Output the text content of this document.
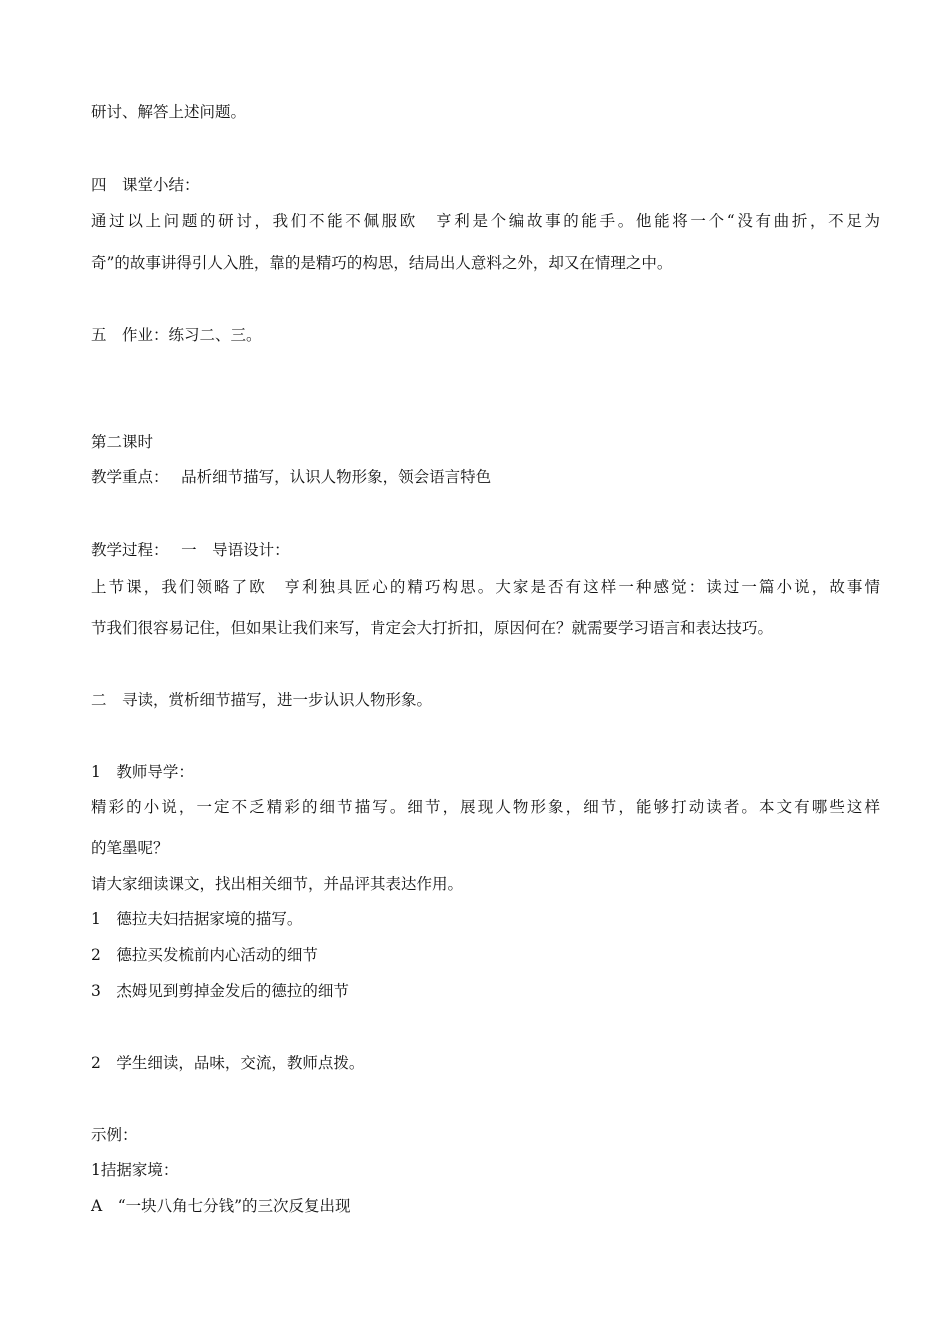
研讨、解答上述问题。
四　课堂小结：
通过以上问题的研讨，我们不能不佩服欧　亨利是个编故事的能手。他能将一个“没有曲折，不足为
奇”的故事讲得引人入胜，靠的是精巧的构思，结局出人意料之外，却又在情理之中。
五　作业：练习二、三。
第二课时
教学重点：　 品析细节描写，认识人物形象，领会语言特色
教学过程：　 一　导语设计：
上节课，我们领略了欧　亨利独具匠心的精巧构思。大家是否有这样一种感觉：读过一篇小说，故事情
节我们很容易记住，但如果让我们来写，肯定会大打折扣，原因何在？就需要学习语言和表达技巧。
二　寻读，赏析细节描写，进一步认识人物形象。
1　教师导学：
精彩的小说，一定不乏精彩的细节描写。细节，展现人物形象，细节，能够打动读者。本文有哪些这样
的笔墨呢？
请大家细读课文，找出相关细节，并品评其表达作用。
1　德拉夫妇拮据家境的描写。
2　德拉买发梳前内心活动的细节
3　杰姆见到剪掉金发后的德拉的细节
2　学生细读，品味，交流，教师点拨。
示例：
1拮据家境：
A　“一块八角七分钱”的三次反复出现
